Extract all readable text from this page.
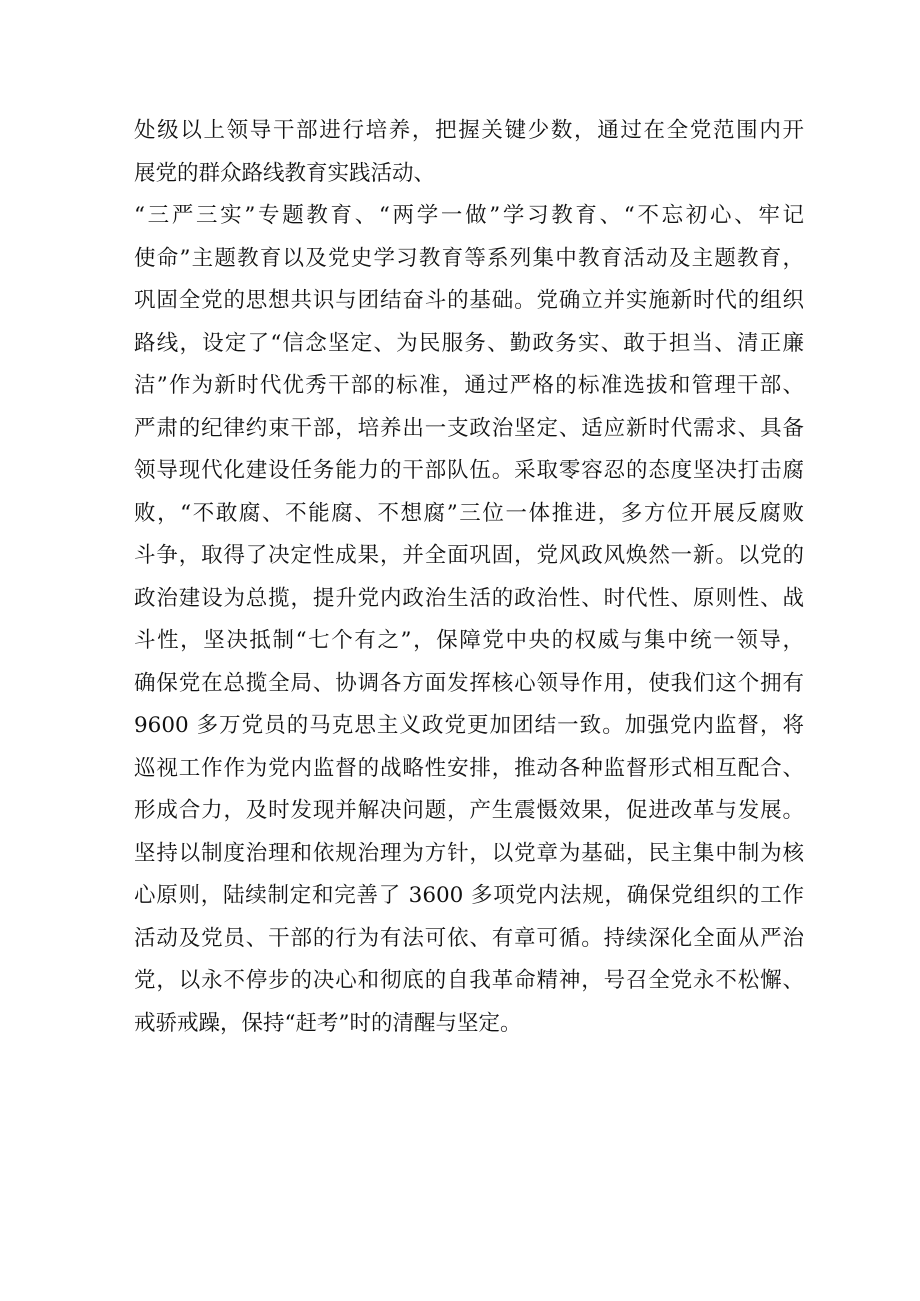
处级以上领导干部进行培养，把握关键少数，通过在全党范围内开
展党的群众路线教育实践活动、
“三严三实”专题教育、“两学一做”学习教育、“不忘初心、牢记
使命”主题教育以及党史学习教育等系列集中教育活动及主题教育，
巩固全党的思想共识与团结奋斗的基础。党确立并实施新时代的组织
路线，设定了“信念坚定、为民服务、勤政务实、敢于担当、清正廉
洁”作为新时代优秀干部的标准，通过严格的标准选拔和管理干部、
严肃的纪律约束干部，培养出一支政治坚定、适应新时代需求、具备
领导现代化建设任务能力的干部队伍。采取零容忍的态度坚决打击腐
败，“不敢腐、不能腐、不想腐”三位一体推进，多方位开展反腐败
斗争，取得了决定性成果，并全面巩固，党风政风焕然一新。以党的
政治建设为总揽，提升党内政治生活的政治性、时代性、原则性、战
斗性，坚决抵制“七个有之”，保障党中央的权威与集中统一领导，
确保党在总揽全局、协调各方面发挥核心领导作用，使我们这个拥有
9600 多万党员的马克思主义政党更加团结一致。加强党内监督，将
巡视工作作为党内监督的战略性安排，推动各种监督形式相互配合、
形成合力，及时发现并解决问题，产生震慑效果，促进改革与发展。
坚持以制度治理和依规治理为方针，以党章为基础，民主集中制为核
心原则，陆续制定和完善了 3600 多项党内法规，确保党组织的工作
活动及党员、干部的行为有法可依、有章可循。持续深化全面从严治
党，以永不停步的决心和彻底的自我革命精神，号召全党永不松懈、
戒骄戒躁，保持“赶考”时的清醒与坚定。
